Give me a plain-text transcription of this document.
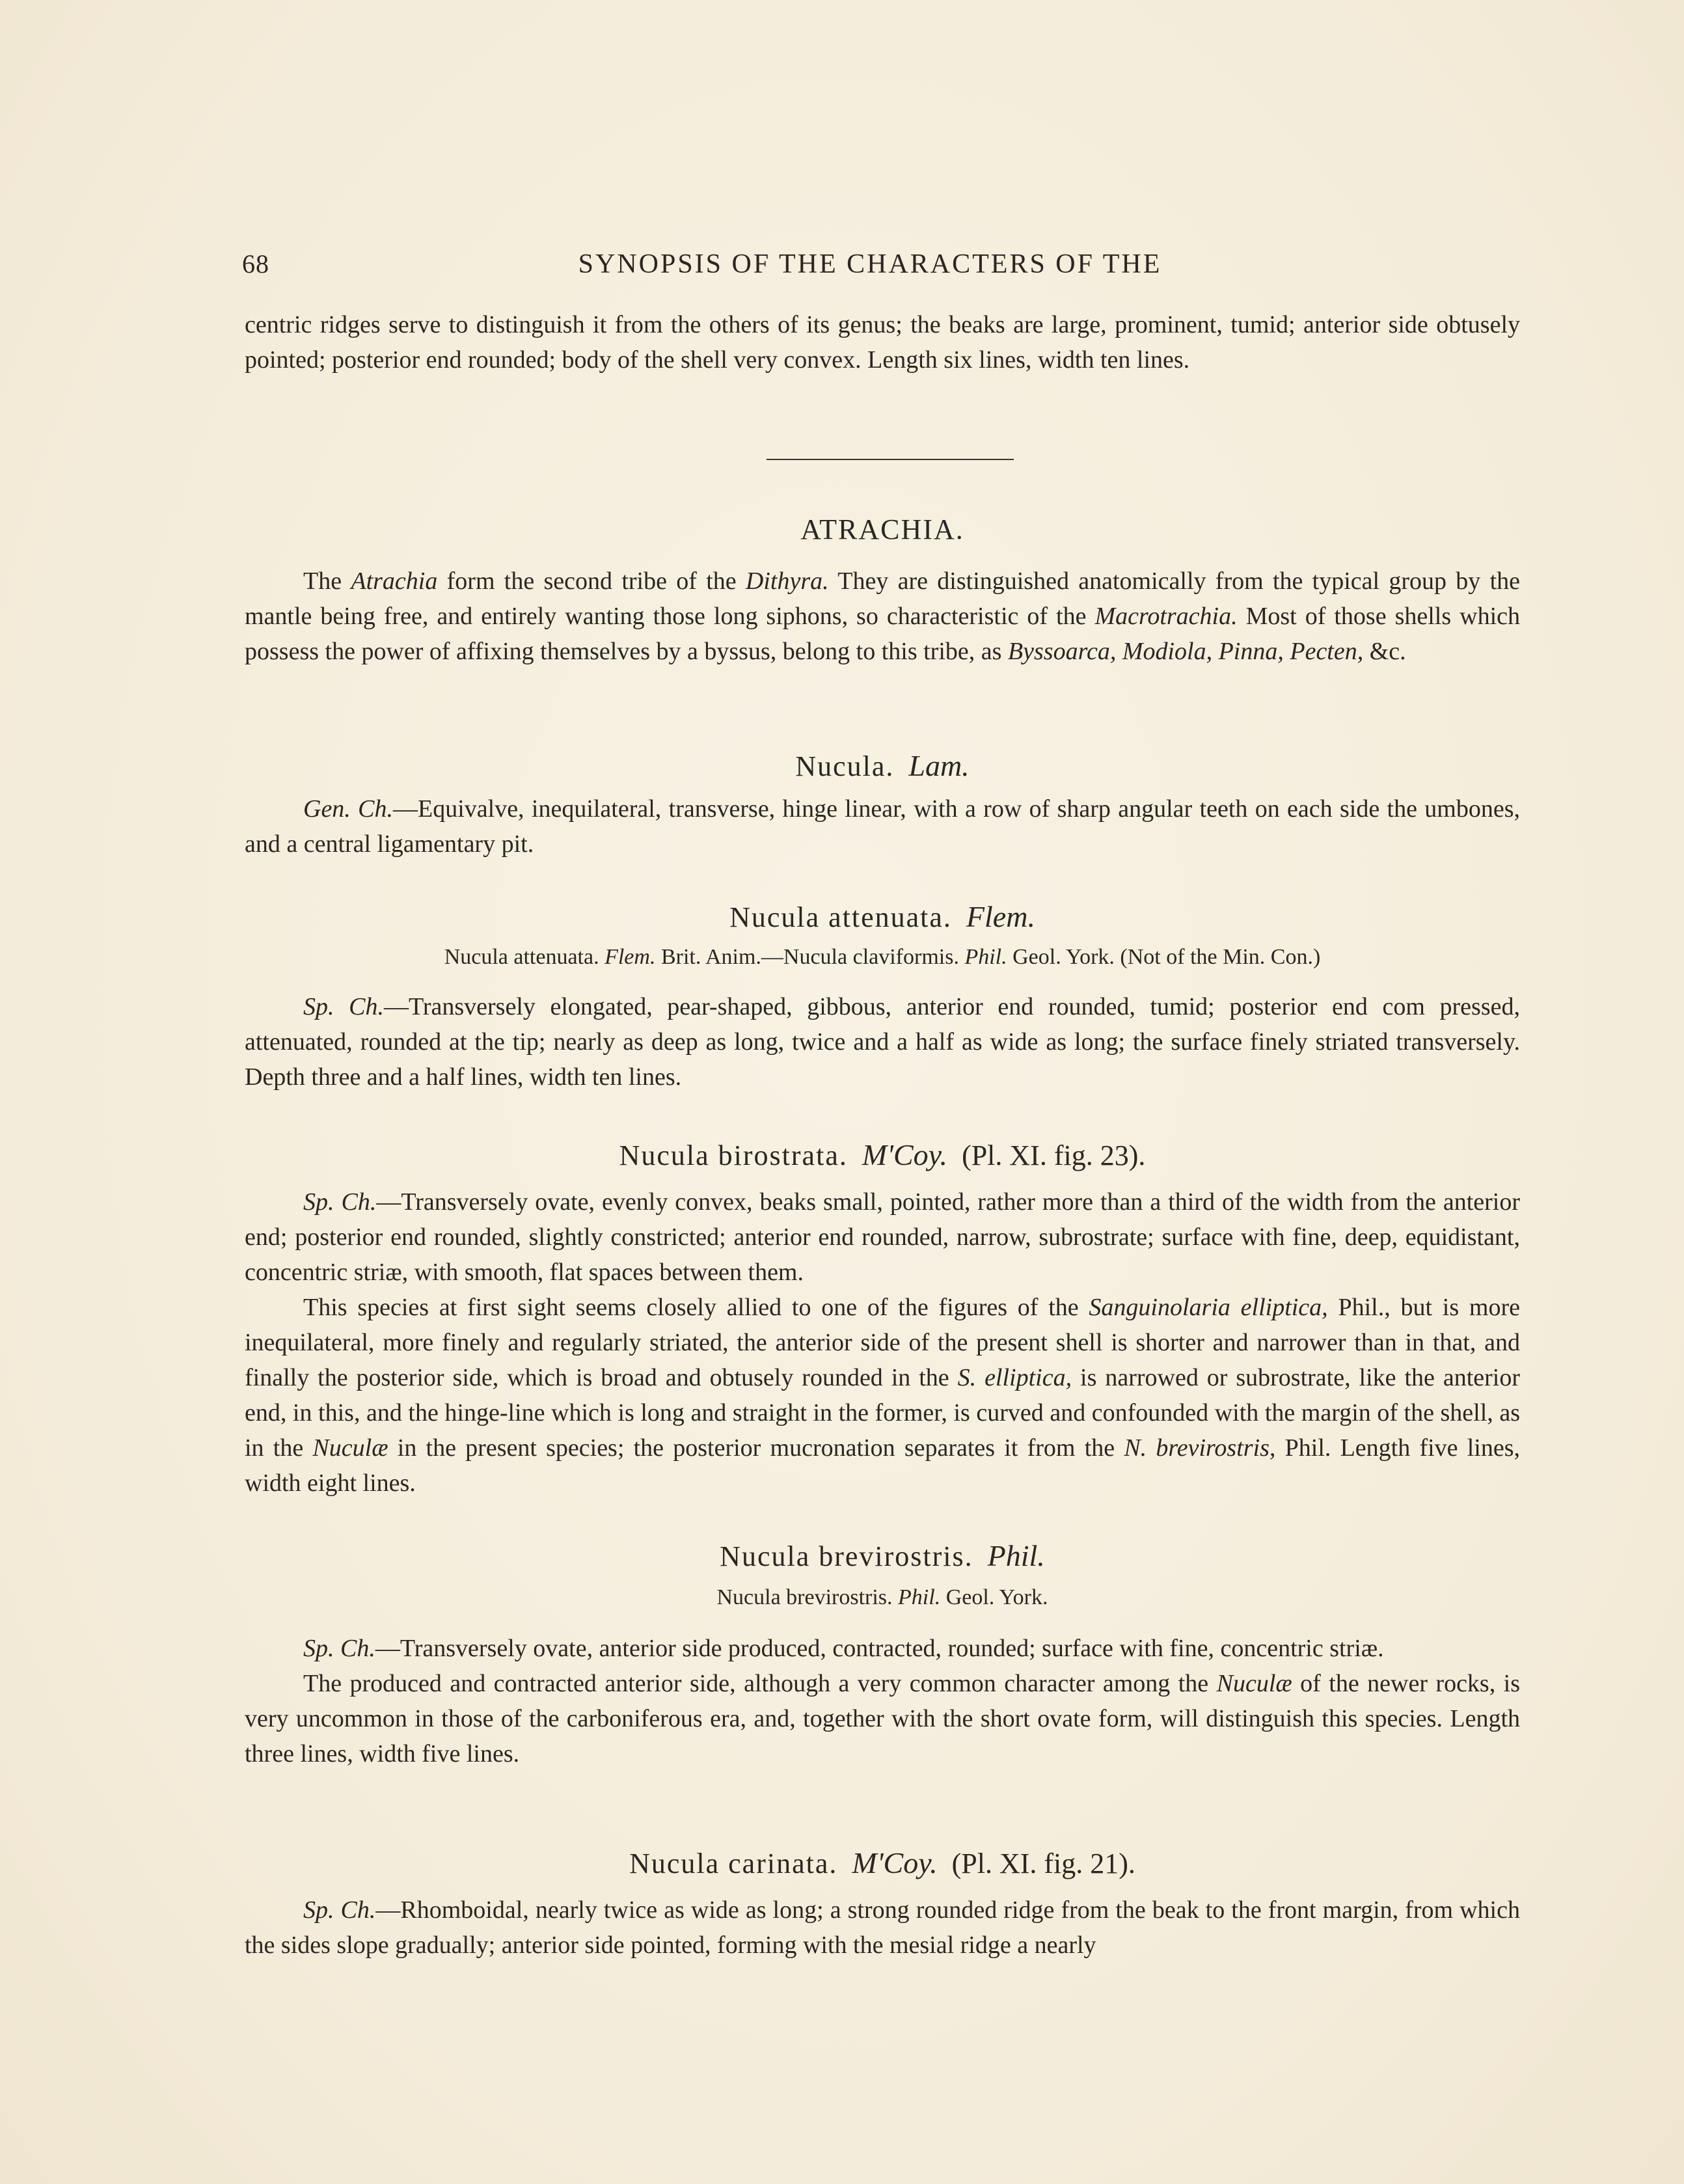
68	SYNOPSIS OF THE CHARACTERS OF THE

centric ridges serve to distinguish it from the others of its genus; the beaks are large, prominent, tumid; anterior side obtusely pointed; posterior end rounded; body of the shell very convex. Length six lines, width ten lines.

ATRACHIA.

The Atrachia form the second tribe of the Dithyra. They are distinguished anatomically from the typical group by the mantle being free, and entirely wanting those long siphons, so characteristic of the Macrotrachia. Most of those shells which possess the power of affixing themselves by a byssus, belong to this tribe, as Byssoarca, Modiola, Pinna, Pecten, &c.

Nucula. Lam.

Gen. Ch.—Equivalve, inequilateral, transverse, hinge linear, with a row of sharp angular teeth on each side the umbones, and a central ligamentary pit.

Nucula attenuata. Flem.
Nucula attenuata. Flem. Brit. Anim.—Nucula claviformis. Phil. Geol. York. (Not of the Min. Con.)

Sp. Ch.—Transversely elongated, pear-shaped, gibbous, anterior end rounded, tumid; posterior end com pressed, attenuated, rounded at the tip; nearly as deep as long, twice and a half as wide as long; the surface finely striated transversely. Depth three and a half lines, width ten lines.

Nucula birostrata. M'Coy. (Pl. XI. fig. 23).

Sp. Ch.—Transversely ovate, evenly convex, beaks small, pointed, rather more than a third of the width from the anterior end; posterior end rounded, slightly constricted; anterior end rounded, narrow, subrostrate; surface with fine, deep, equidistant, concentric striæ, with smooth, flat spaces between them.

This species at first sight seems closely allied to one of the figures of the Sanguinolaria elliptica, Phil., but is more inequilateral, more finely and regularly striated, the anterior side of the present shell is shorter and narrower than in that, and finally the posterior side, which is broad and obtusely rounded in the S. elliptica, is narrowed or subrostrate, like the anterior end, in this, and the hinge-line which is long and straight in the former, is curved and confounded with the margin of the shell, as in the Nuculæ in the present species; the posterior mucronation separates it from the N. brevirostris, Phil. Length five lines, width eight lines.

Nucula brevirostris. Phil.
Nucula brevirostris. Phil. Geol. York.

Sp. Ch.—Transversely ovate, anterior side produced, contracted, rounded; surface with fine, concentric striæ.

The produced and contracted anterior side, although a very common character among the Nuculæ of the newer rocks, is very uncommon in those of the carboniferous era, and, together with the short ovate form, will distinguish this species. Length three lines, width five lines.

Nucula carinata. M'Coy. (Pl. XI. fig. 21).

Sp. Ch.—Rhomboidal, nearly twice as wide as long; a strong rounded ridge from the beak to the front margin, from which the sides slope gradually; anterior side pointed, forming with the mesial ridge a nearly
